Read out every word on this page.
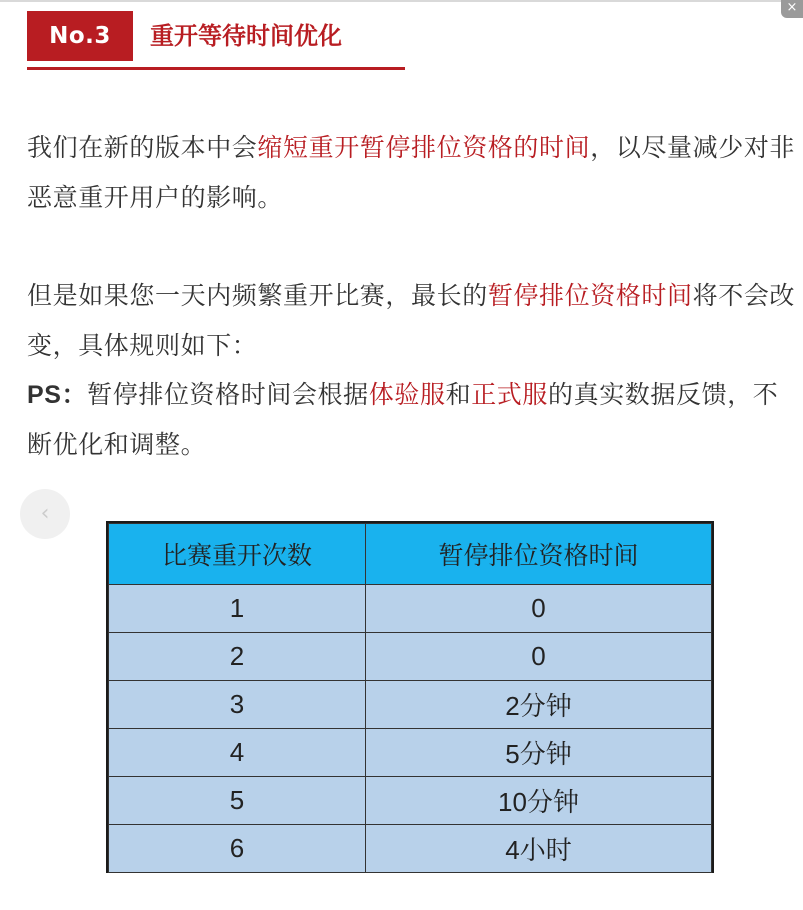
×
No.3	重开等待时间优化
我们在新的版本中会缩短重开暂停排位资格的时间，以尽量减少对非恶意重开用户的影响。
但是如果您一天内频繁重开比赛，最长的暂停排位资格时间将不会改变，具体规则如下：
PS：暂停排位资格时间会根据体验服和正式服的真实数据反馈，不断优化和调整。
‹
比赛重开次数	暂停排位资格时间
1	0
2	0
3	2分钟
4	5分钟
5	10分钟
6	4小时
